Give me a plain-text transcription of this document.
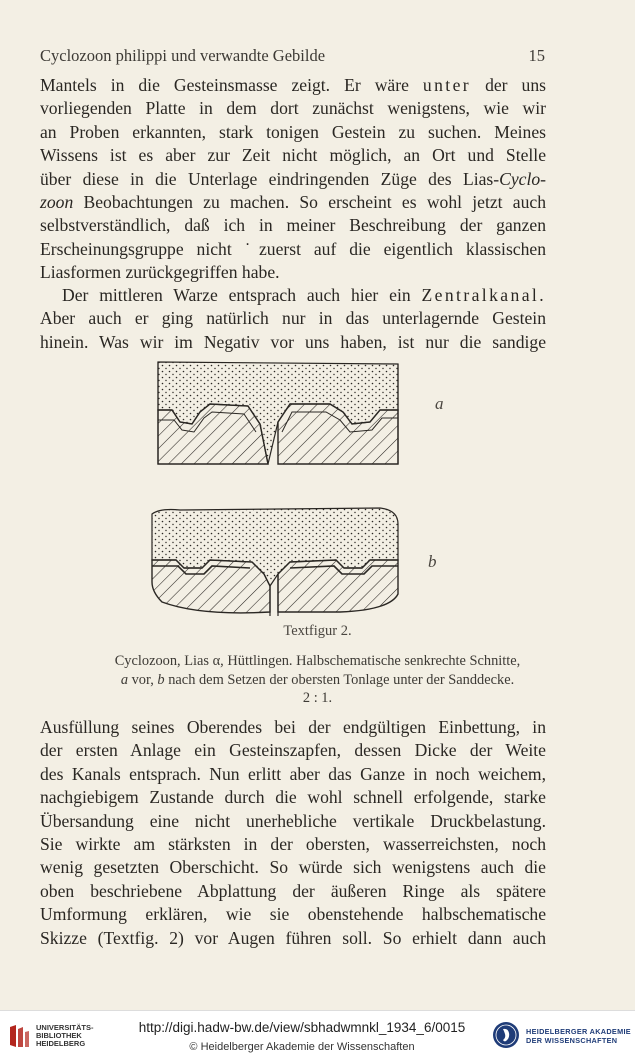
Cyclozoon philippi und verwandte Gebilde	15
Mantels in die Gesteinsmasse zeigt. Er wäre unter der uns
vorliegenden Platte in dem dort zunächst wenigstens, wie wir
an Proben erkannten, stark tonigen Gestein zu suchen. Meines
Wissens ist es aber zur Zeit nicht möglich, an Ort und Stelle
über diese in die Unterlage eindringenden Züge des Lias-Cyclo-
zoon Beobachtungen zu machen. So erscheint es wohl jetzt auch
selbstverständlich, daß ich in meiner Beschreibung der ganzen
Erscheinungsgruppe nicht ˙zuerst auf die eigentlich klassischen
Liasformen zurückgegriffen habe.
Der mittleren Warze entsprach auch hier ein Zentralkanal.
Aber auch er ging natürlich nur in das unterlagernde Gestein
hinein. Was wir im Negativ vor uns haben, ist nur die sandige
a
b
Textfigur 2.
Cyclozoon, Lias α, Hüttlingen. Halbschematische senkrechte Schnitte,
a vor, b nach dem Setzen der obersten Tonlage unter der Sanddecke.
2 : 1.
Ausfüllung seines Oberendes bei der endgültigen Einbettung, in
der ersten Anlage ein Gesteinszapfen, dessen Dicke der Weite
des Kanals entsprach. Nun erlitt aber das Ganze in noch weichem,
nachgiebigem Zustande durch die wohl schnell erfolgende, starke
Übersandung eine nicht unerhebliche vertikale Druckbelastung.
Sie wirkte am stärksten in der obersten, wasserreichsten, noch
wenig gesetzten Oberschicht. So würde sich wenigstens auch die
oben beschriebene Abplattung der äußeren Ringe als spätere
Umformung erklären, wie sie obenstehende halbschematische
Skizze (Textfig. 2) vor Augen führen soll. So erhielt dann auch
UNIVERSITÄTS-
BIBLIOTHEK
HEIDELBERG
http://digi.hadw-bw.de/view/sbhadwmnkl_1934_6/0015
© Heidelberger Akademie der Wissenschaften
HEIDELBERGER AKADEMIE
DER WISSENSCHAFTEN
